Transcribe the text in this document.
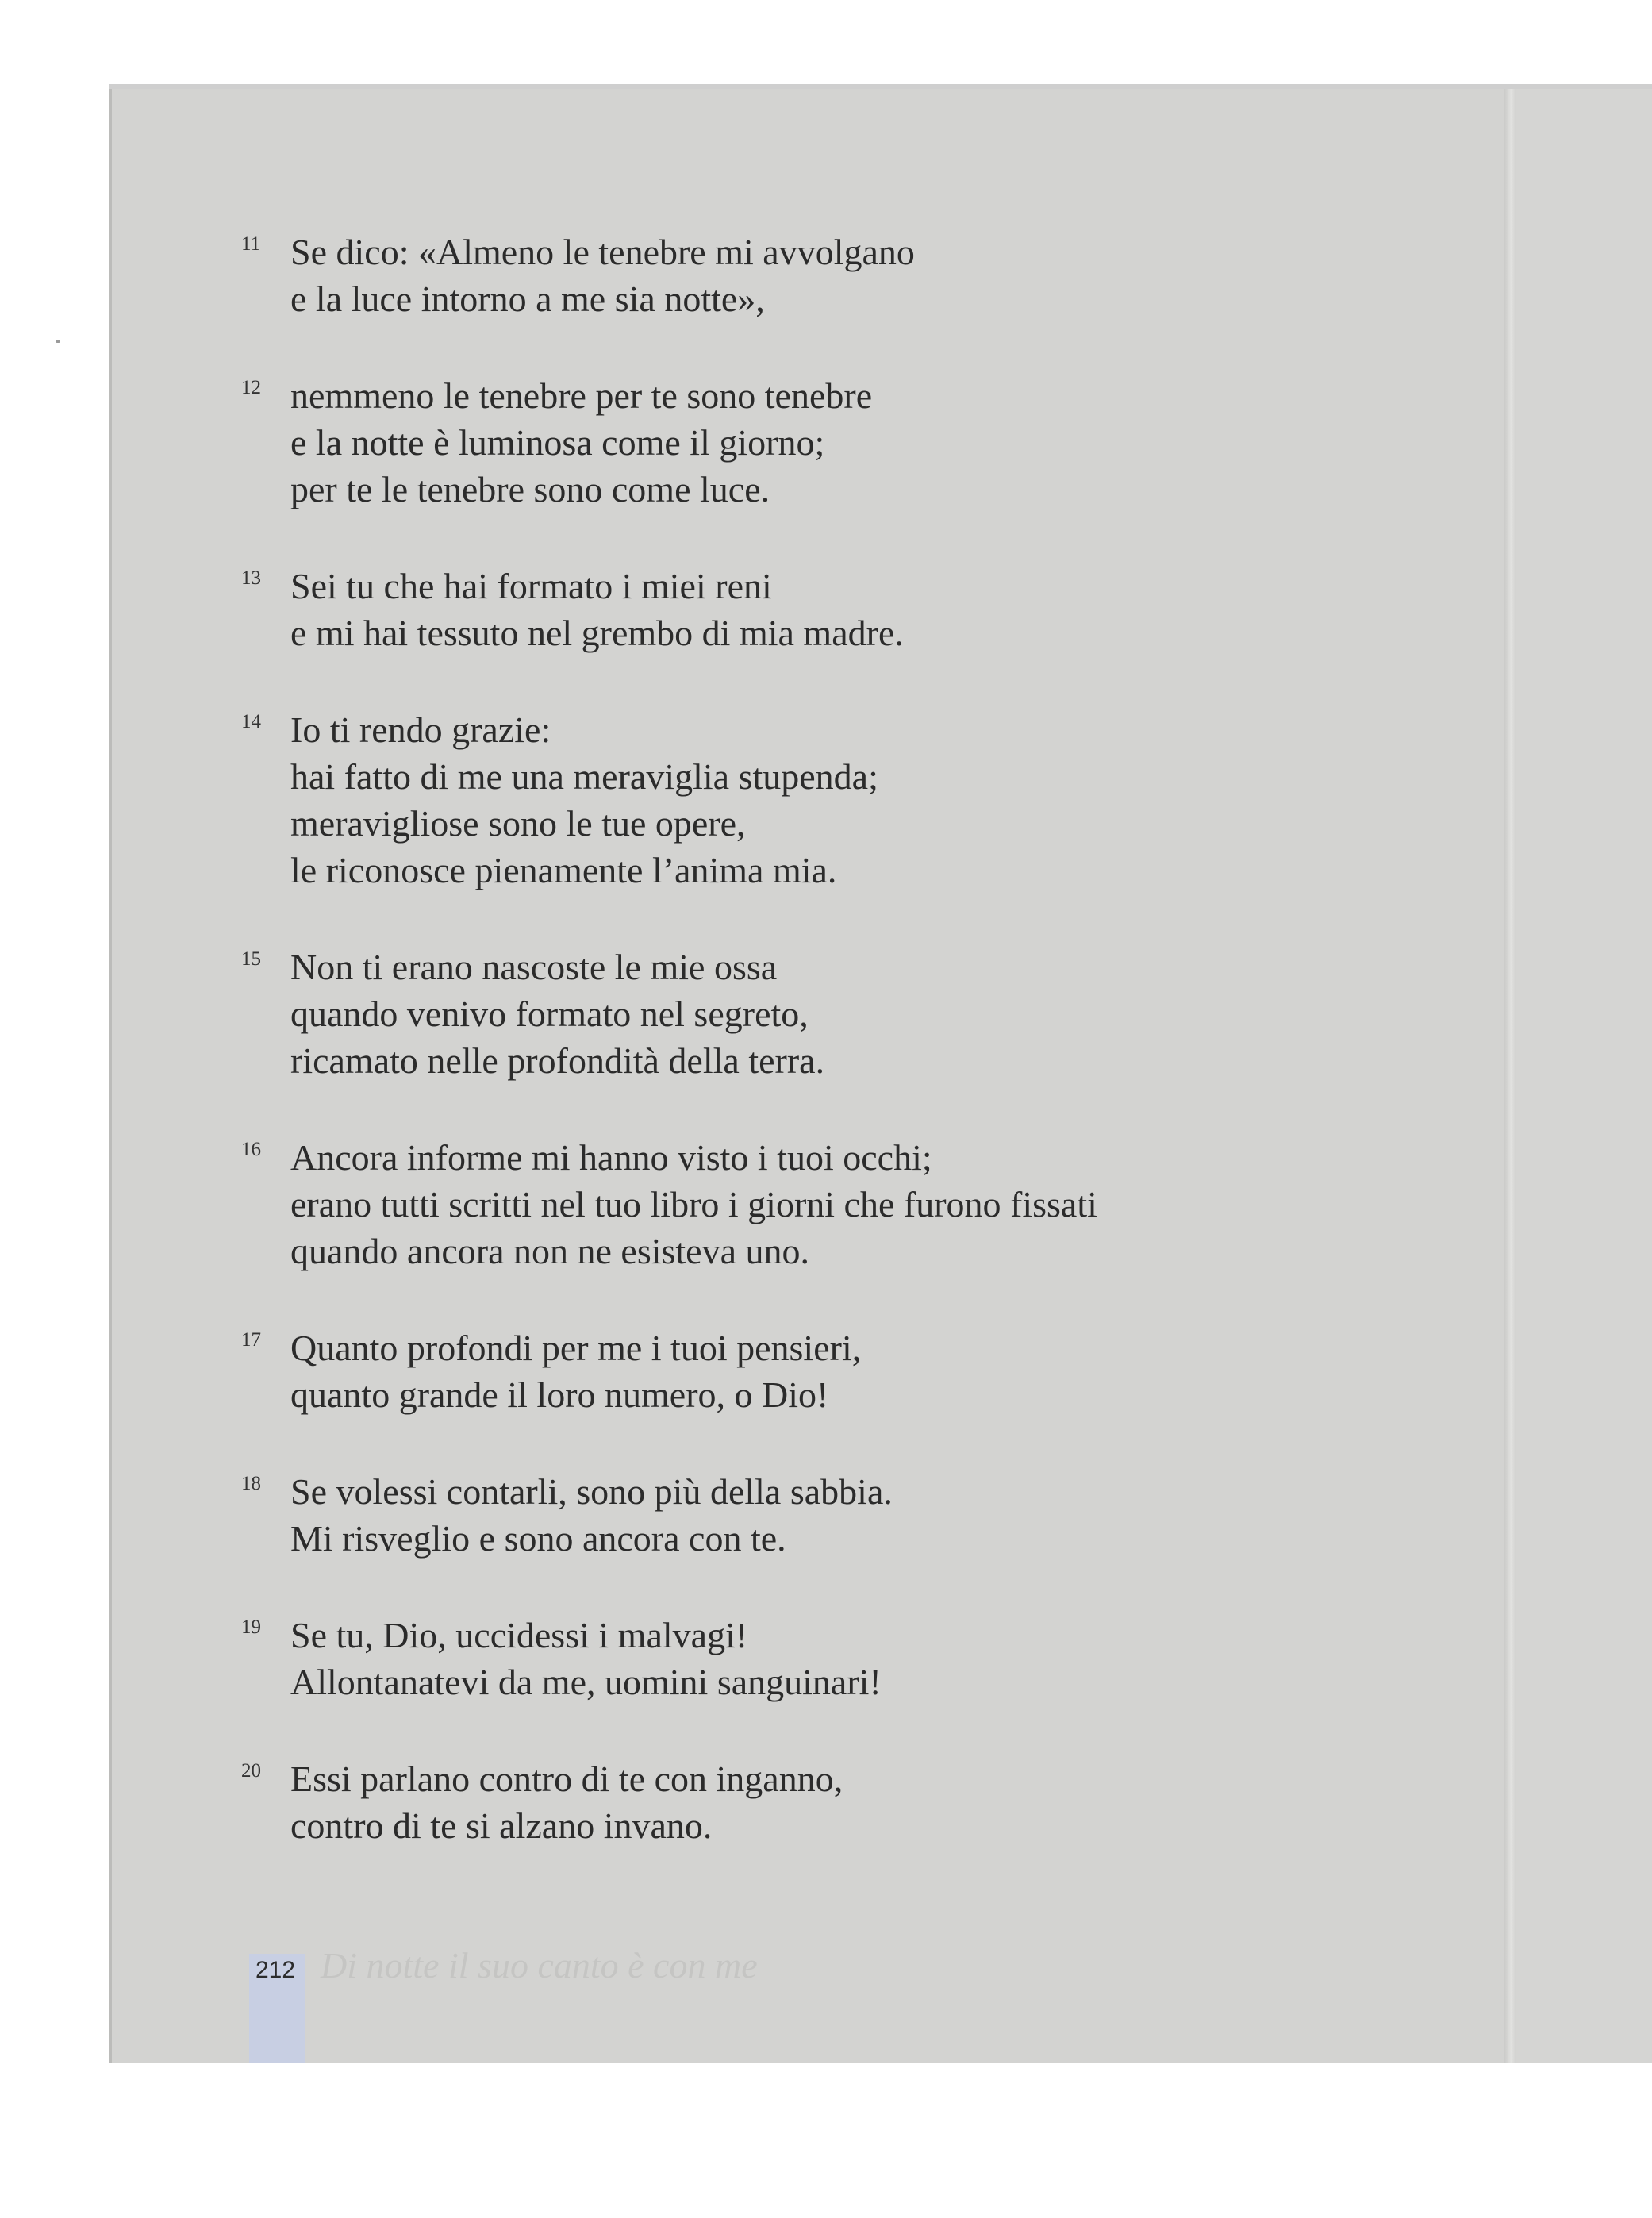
11 Se dico: «Almeno le tenebre mi avvolgano
e la luce intorno a me sia notte»,
12 nemmeno le tenebre per te sono tenebre
e la notte è luminosa come il giorno;
per te le tenebre sono come luce.
13 Sei tu che hai formato i miei reni
e mi hai tessuto nel grembo di mia madre.
14 Io ti rendo grazie:
hai fatto di me una meraviglia stupenda;
meravigliose sono le tue opere,
le riconosce pienamente l’anima mia.
15 Non ti erano nascoste le mie ossa
quando venivo formato nel segreto,
ricamato nelle profondità della terra.
16 Ancora informe mi hanno visto i tuoi occhi;
erano tutti scritti nel tuo libro i giorni che furono fissati
quando ancora non ne esisteva uno.
17 Quanto profondi per me i tuoi pensieri,
quanto grande il loro numero, o Dio!
18 Se volessi contarli, sono più della sabbia.
Mi risveglio e sono ancora con te.
19 Se tu, Dio, uccidessi i malvagi!
Allontanatevi da me, uomini sanguinari!
20 Essi parlano contro di te con inganno,
contro di te si alzano invano.
212 Di notte il suo canto è con me
